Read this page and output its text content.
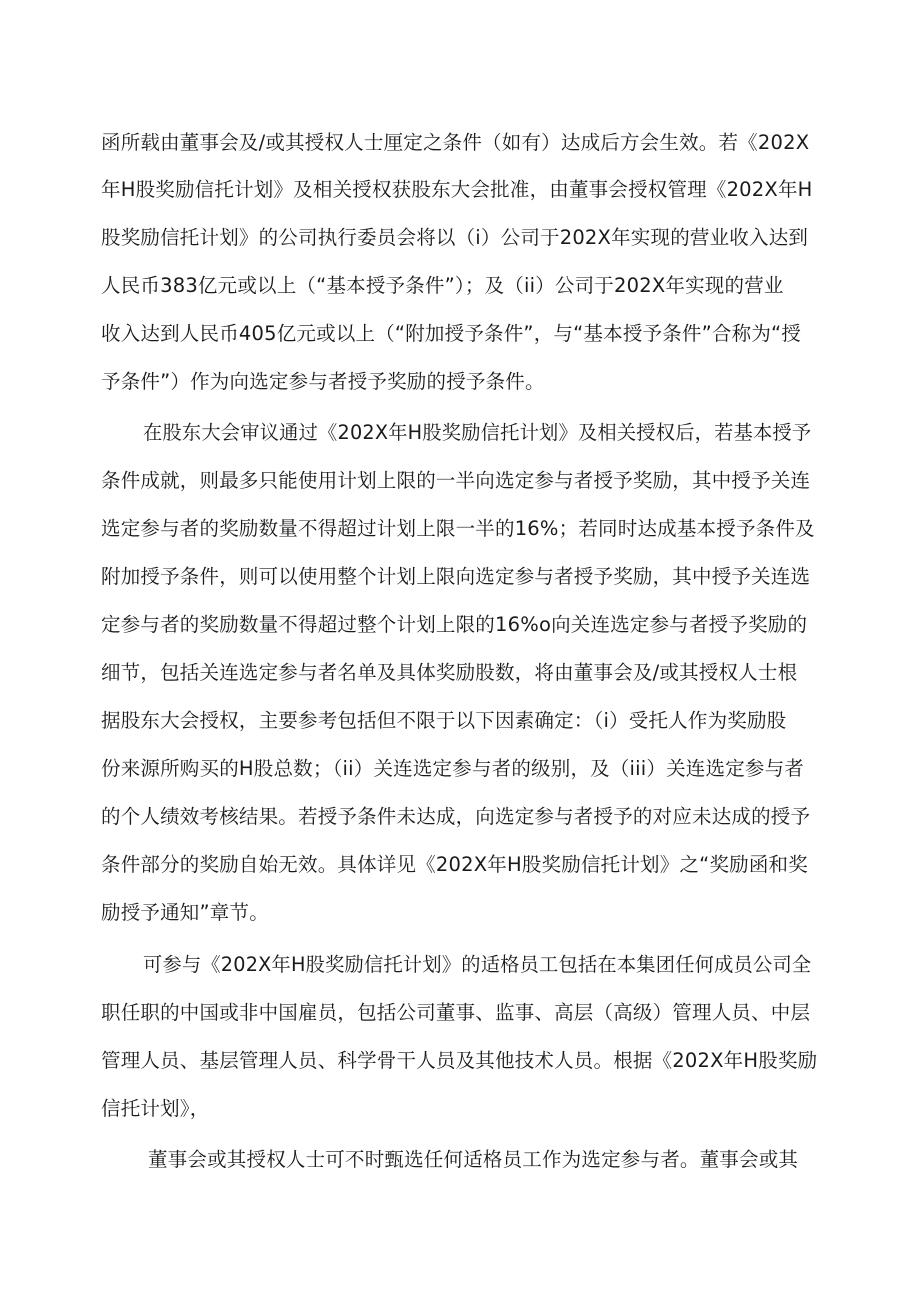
函所载由董事会及/或其授权人士厘定之条件（如有）达成后方会生效。若《202X
年H股奖励信托计划》及相关授权获股东大会批准，由董事会授权管理《202X年H
股奖励信托计划》的公司执行委员会将以（i）公司于202X年实现的营业收入达到
人民币383亿元或以上（“基本授予条件”）；及（ii）公司于202X年实现的营业
收入达到人民币405亿元或以上（“附加授予条件”，与“基本授予条件”合称为“授
予条件”）作为向选定参与者授予奖励的授予条件。
在股东大会审议通过《202X年H股奖励信托计划》及相关授权后，若基本授予
条件成就，则最多只能使用计划上限的一半向选定参与者授予奖励，其中授予关连
选定参与者的奖励数量不得超过计划上限一半的16%；若同时达成基本授予条件及
附加授予条件，则可以使用整个计划上限向选定参与者授予奖励，其中授予关连选
定参与者的奖励数量不得超过整个计划上限的16%o向关连选定参与者授予奖励的
细节，包括关连选定参与者名单及具体奖励股数，将由董事会及/或其授权人士根
据股东大会授权，主要参考包括但不限于以下因素确定：（i）受托人作为奖励股
份来源所购买的H股总数；（ii）关连选定参与者的级别，及（iii）关连选定参与者
的个人绩效考核结果。若授予条件未达成，向选定参与者授予的对应未达成的授予
条件部分的奖励自始无效。具体详见《202X年H股奖励信托计划》之“奖励函和奖
励授予通知”章节。
可参与《202X年H股奖励信托计划》的适格员工包括在本集团任何成员公司全
职任职的中国或非中国雇员，包括公司董事、监事、高层（高级）管理人员、中层
管理人员、基层管理人员、科学骨干人员及其他技术人员。根据《202X年H股奖励
信托计划》，
董事会或其授权人士可不时甄选任何适格员工作为选定参与者。董事会或其
